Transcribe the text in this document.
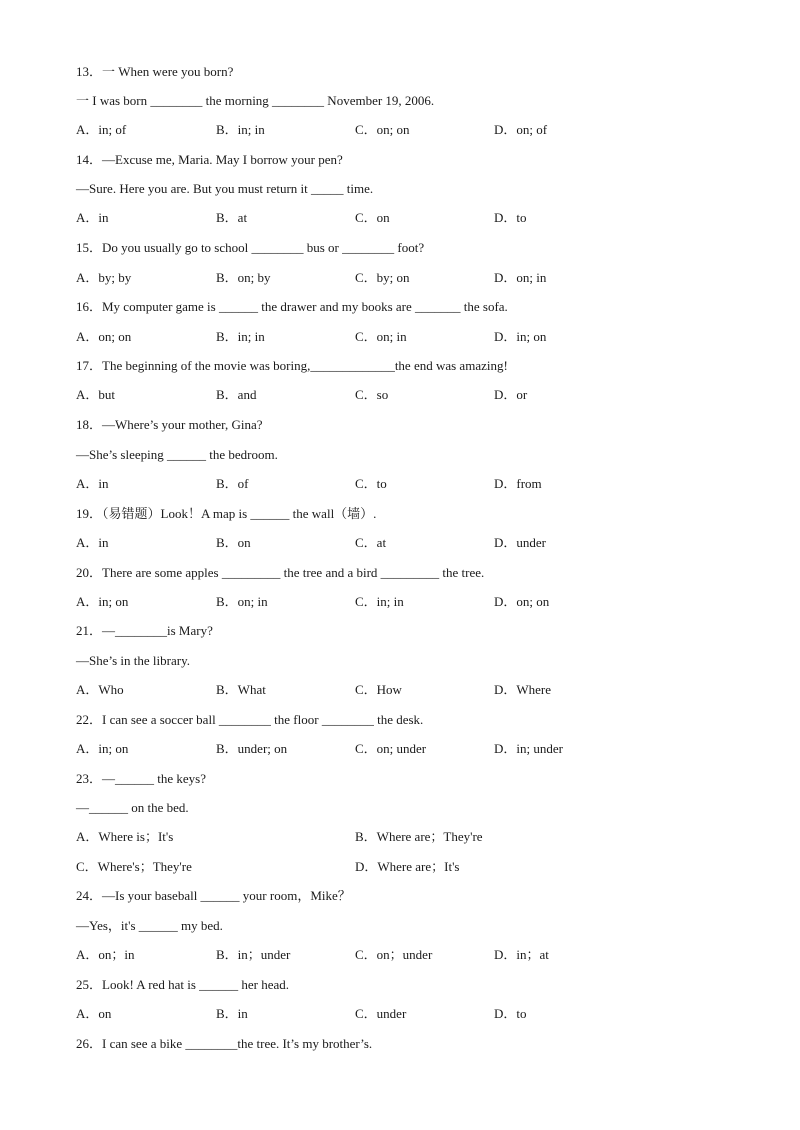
13．一 When were you born?
一 I was born ________ the morning ________ November 19, 2006.
A．in; of	B．in; in	C．on; on	D．on; of
14．—Excuse me, Maria. May I borrow your pen?
—Sure. Here you are. But you must return it _____ time.
A．in	B．at	C．on	D．to
15．Do you usually go to school ________ bus or ________ foot?
A．by; by	B．on; by	C．by; on	D．on; in
16．My computer game is ______ the drawer and my books are _______ the sofa.
A．on; on	B．in; in	C．on; in	D．in; on
17．The beginning of the movie was boring,_____________the end was amazing!
A．but	B．and	C．so	D．or
18．—Where’s your mother, Gina?
—She’s sleeping ______ the bedroom.
A．in	B．of	C．to	D．from
19．（易错题）Look！A map is ______ the wall（墙）.
A．in	B．on	C．at	D．under
20．There are some apples _________ the tree and a bird _________ the tree.
A．in; on	B．on; in	C．in; in	D．on; on
21．—________is Mary?
—She’s in the library.
A．Who	B．What	C．How	D．Where
22．I can see a soccer ball ________ the floor ________ the desk.
A．in; on	B．under; on	C．on; under	D．in; under
23．—______ the keys?
—______ on the bed.
A．Where is；It's	B．Where are；They're
C．Where's；They're	D．Where are；It's
24．—Is your baseball ______ your room，Mike？
—Yes，it's ______ my bed.
A．on；in	B．in；under	C．on；under	D．in；at
25．Look! A red hat is ______ her head.
A．on	B．in	C．under	D．to
26．I can see a bike ________the tree. It’s my brother’s.
